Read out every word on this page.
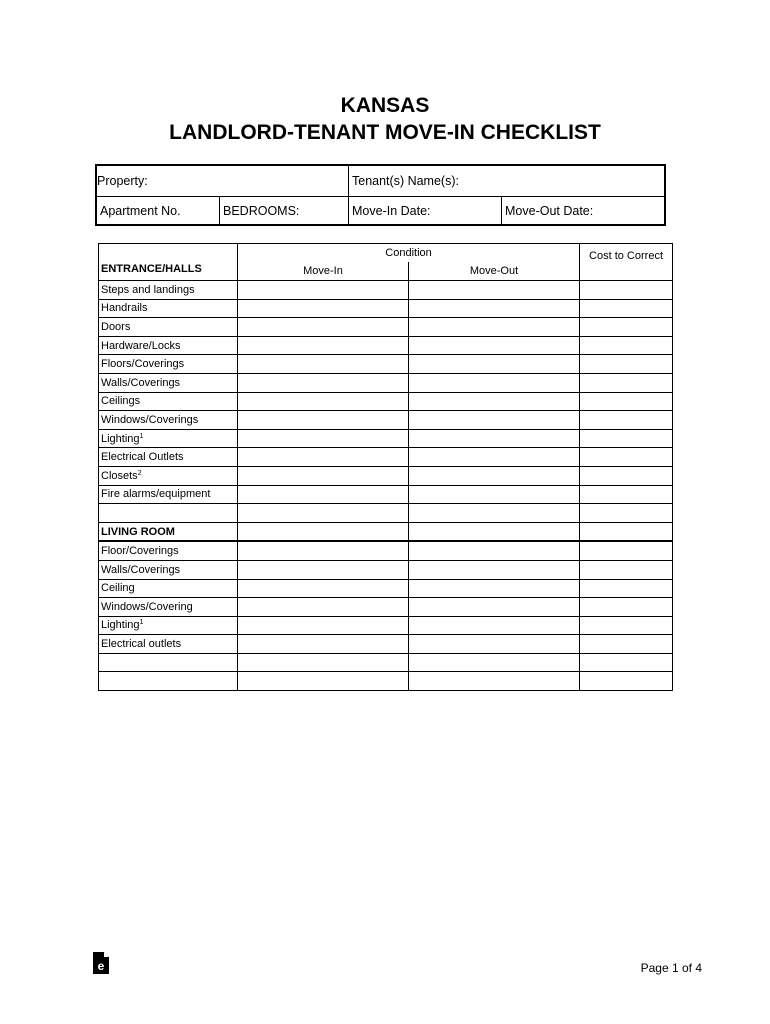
KANSAS
LANDLORD-TENANT MOVE-IN CHECKLIST
Property:	Tenant(s) Name(s):
Apartment No.	BEDROOMS:	Move-In Date:	Move-Out Date:
ENTRANCE/HALLS	Condition		Cost to Correct
	Move-In	Move-Out	
Steps and landings			
Handrails			
Doors			
Hardware/Locks			
Floors/Coverings			
Walls/Coverings			
Ceilings			
Windows/Coverings			
Lighting$^1$			
Electrical Outlets			
Closets$^2$			
Fire alarms/equipment			

LIVING ROOM			
Floor/Coverings			
Walls/Coverings			
Ceiling			
Windows/Covering			
Lighting$^1$			
Electrical outlets			

e	Page 1 of 4
